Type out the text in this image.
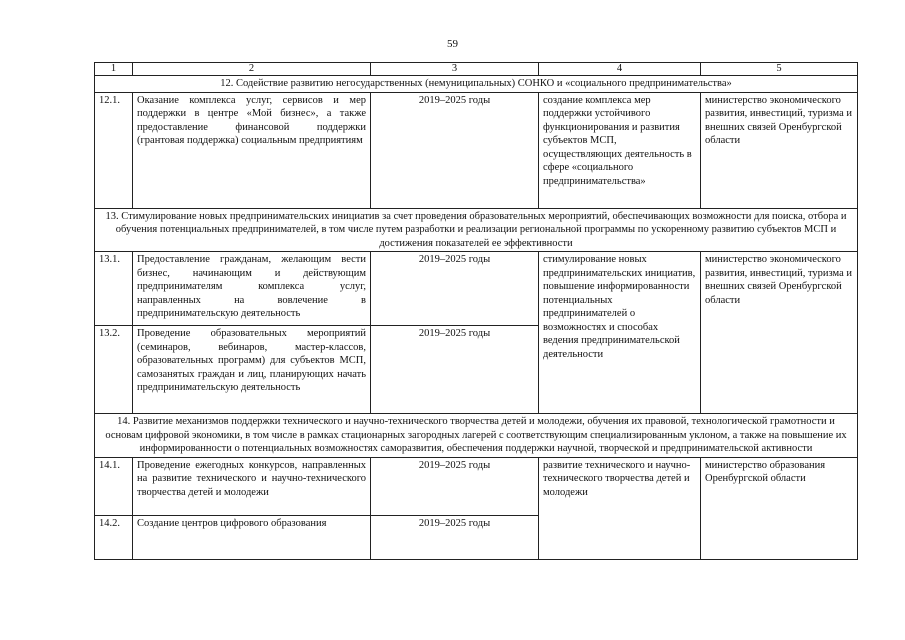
59
1	2	3	4	5
12. Содействие развитию негосударственных (немуниципальных) СОНКО и «социального предпринимательства»				
12.1.	Оказание комплекса услуг, сервисов и мер поддержки в центре «Мой бизнес», а также предоставление финансовой поддержки (грантовая поддержка) социальным предприятиям	2019–2025 годы	создание комплекса мер поддержки устойчивого функционирования и развития субъектов МСП, осуществляющих деятельность в сфере «социального предпринимательства»	министерство экономического развития, инвестиций, туризма и внешних связей Оренбургской области
13. Стимулирование новых предпринимательских инициатив за счет проведения образовательных мероприятий, обеспечивающих возможности для поиска, отбора и обучения потенциальных предпринимателей, в том числе путем разработки и реализации региональной программы по ускоренному развитию субъектов МСП и достижения показателей ее эффективности				
13.1.	Предоставление гражданам, желающим вести бизнес, начинающим и действующим предпринимателям комплекса услуг, направленных на вовлечение в предпринимательскую деятельность	2019–2025 годы	стимулирование новых предпринимательских инициатив, повышение информированности потенциальных предпринимателей о возможностях и способах ведения предпринимательской деятельности	министерство экономического развития, инвестиций, туризма и внешних связей Оренбургской области
13.2.	Проведение образовательных мероприятий (семинаров, вебинаров, мастер-классов, образовательных программ) для субъектов МСП, самозанятых граждан и лиц, планирующих начать предпринимательскую деятельность	2019–2025 годы		
14. Развитие механизмов поддержки технического и научно-технического творчества детей и молодежи, обучения их правовой, технологической грамотности и основам цифровой экономики, в том числе в рамках стационарных загородных лагерей с соответствующим специализированным уклоном, а также на повышение их информированности о потенциальных возможностях саморазвития, обеспечения поддержки научной, творческой и предпринимательской активности				
14.1.	Проведение ежегодных конкурсов, направленных на развитие технического и научно-технического творчества детей и молодежи	2019–2025 годы	развитие технического и научно-технического творчества детей и молодежи	министерство образования Оренбургской области
14.2.	Создание центров цифрового образования	2019–2025 годы		
